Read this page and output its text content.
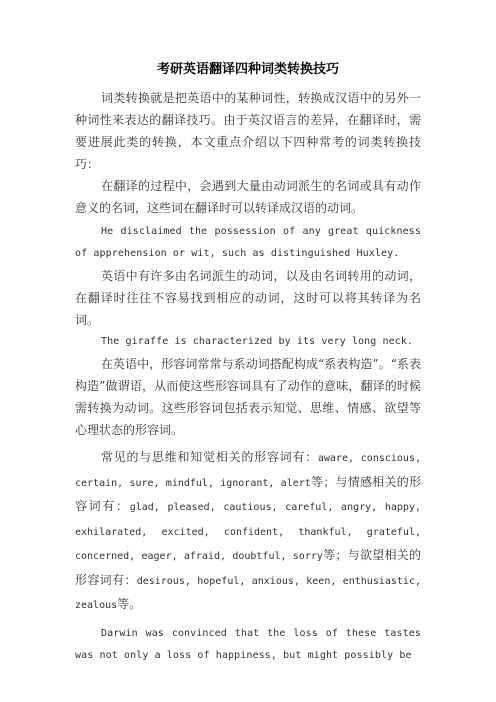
考研英语翻译四种词类转换技巧

词类转换就是把英语中的某种词性，转换成汉语中的另外一种词性来表达的翻译技巧。由于英汉语言的差异，在翻译时，需要进展此类的转换，本文重点介绍以下四种常考的词类转换技巧：

在翻译的过程中，会遇到大量由动词派生的名词或具有动作意义的名词，这些词在翻译时可以转译成汉语的动词。

He disclaimed the possession of any great quickness of apprehension or wit, such as distinguished Huxley.

英语中有许多由名词派生的动词，以及由名词转用的动词，在翻译时往往不容易找到相应的动词，这时可以将其转译为名词。

The giraffe is characterized by its very long neck.

在英语中，形容词常常与系动词搭配构成“系表构造”。“系表构造”做谓语，从而使这些形容词具有了动作的意味，翻译的时候需转换为动词。这些形容词包括表示知觉、思维、情感、欲望等心理状态的形容词。

常见的与思维和知觉相关的形容词有：aware, conscious, certain, sure, mindful, ignorant, alert等；与情感相关的形容词有：glad, pleased, cautious, careful, angry, happy, exhilarated, excited, confident, thankful, grateful, concerned, eager, afraid, doubtful, sorry等；与欲望相关的形容词有：desirous, hopeful, anxious, keen, enthusiastic, zealous等。

Darwin was convinced that the loss of these tastes was not only a loss of happiness, but might possibly be
